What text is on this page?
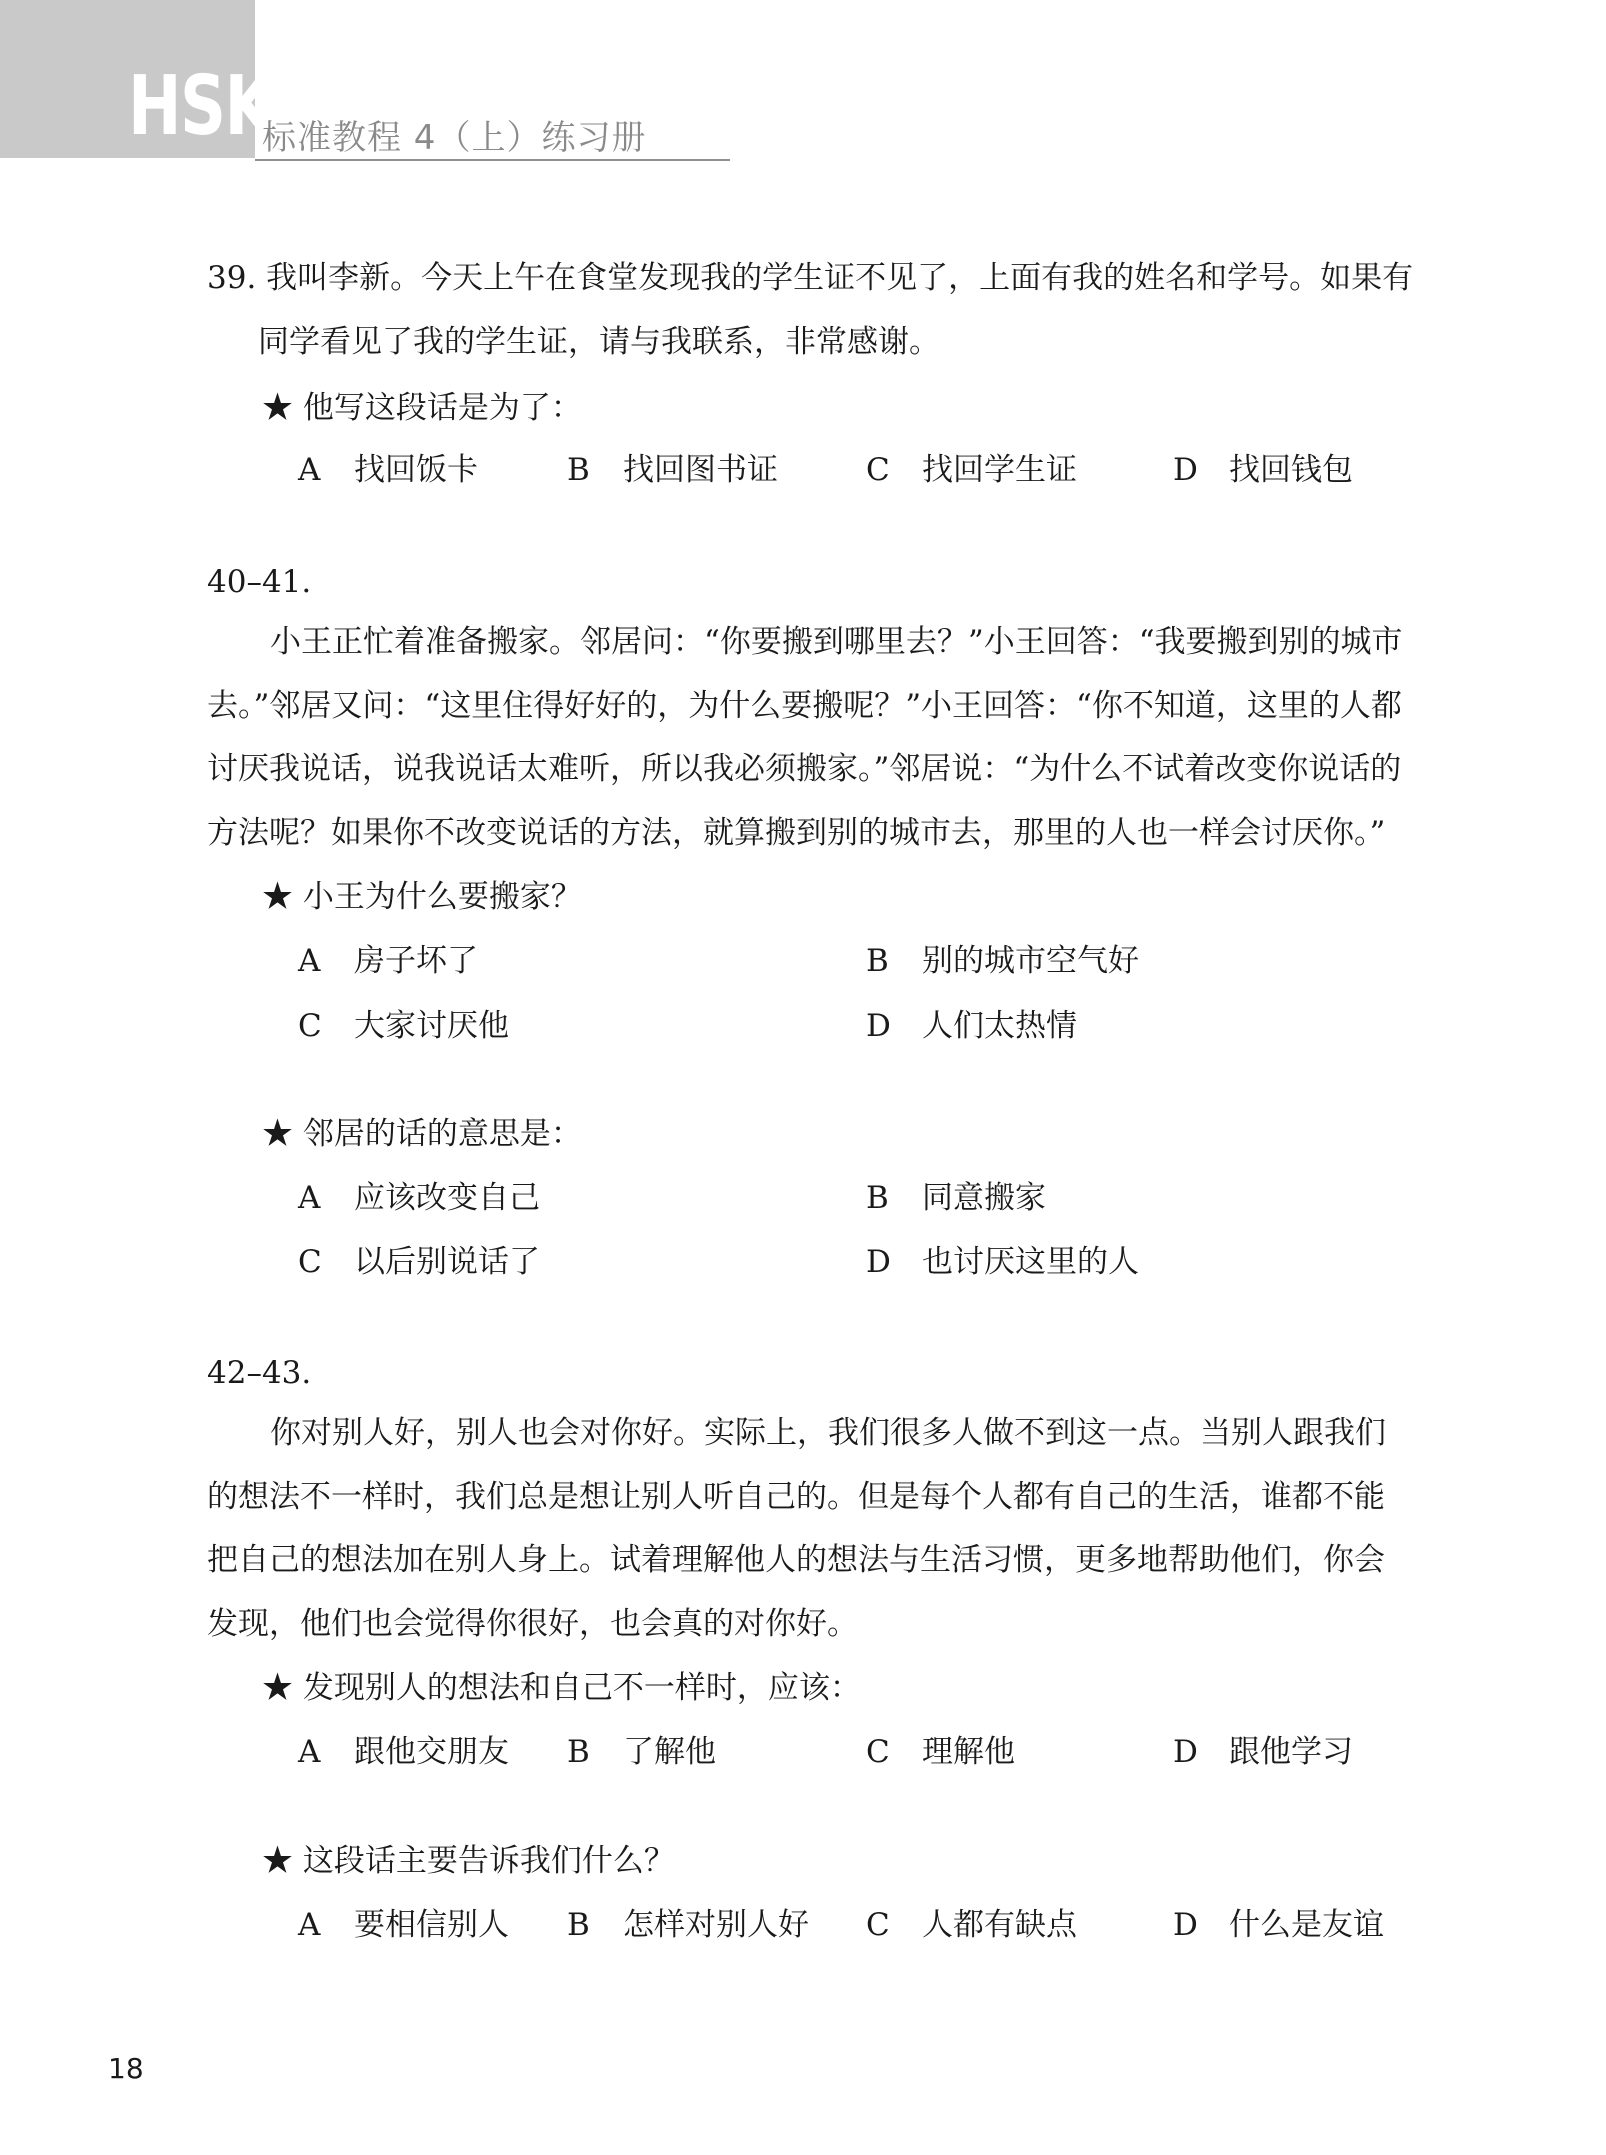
HSK
标准教程 4（上）练习册
39. 我叫李新。今天上午在食堂发现我的学生证不见了，上面有我的姓名和学号。如果有
同学看见了我的学生证，请与我联系，非常感谢。
★ 他写这段话是为了：
A 找回饭卡	B 找回图书证	C 找回学生证	D 找回钱包
40–41.
小王正忙着准备搬家。邻居问：“你要搬到哪里去？”小王回答：“我要搬到别的城市
去。”邻居又问：“这里住得好好的，为什么要搬呢？”小王回答：“你不知道，这里的人都
讨厌我说话，说我说话太难听，所以我必须搬家。”邻居说：“为什么不试着改变你说话的
方法呢？如果你不改变说话的方法，就算搬到别的城市去，那里的人也一样会讨厌你。”
★ 小王为什么要搬家？
A 房子坏了	B 别的城市空气好
C 大家讨厌他	D 人们太热情
★ 邻居的话的意思是：
A 应该改变自己	B 同意搬家
C 以后别说话了	D 也讨厌这里的人
42–43.
你对别人好，别人也会对你好。实际上，我们很多人做不到这一点。当别人跟我们
的想法不一样时，我们总是想让别人听自己的。但是每个人都有自己的生活，谁都不能
把自己的想法加在别人身上。试着理解他人的想法与生活习惯，更多地帮助他们，你会
发现，他们也会觉得你很好，也会真的对你好。
★ 发现别人的想法和自己不一样时，应该：
A 跟他交朋友 B 了解他	C 理解他	D 跟他学习
★ 这段话主要告诉我们什么？
A 要相信别人 B 怎样对别人好 C 人都有缺点	D 什么是友谊
18
